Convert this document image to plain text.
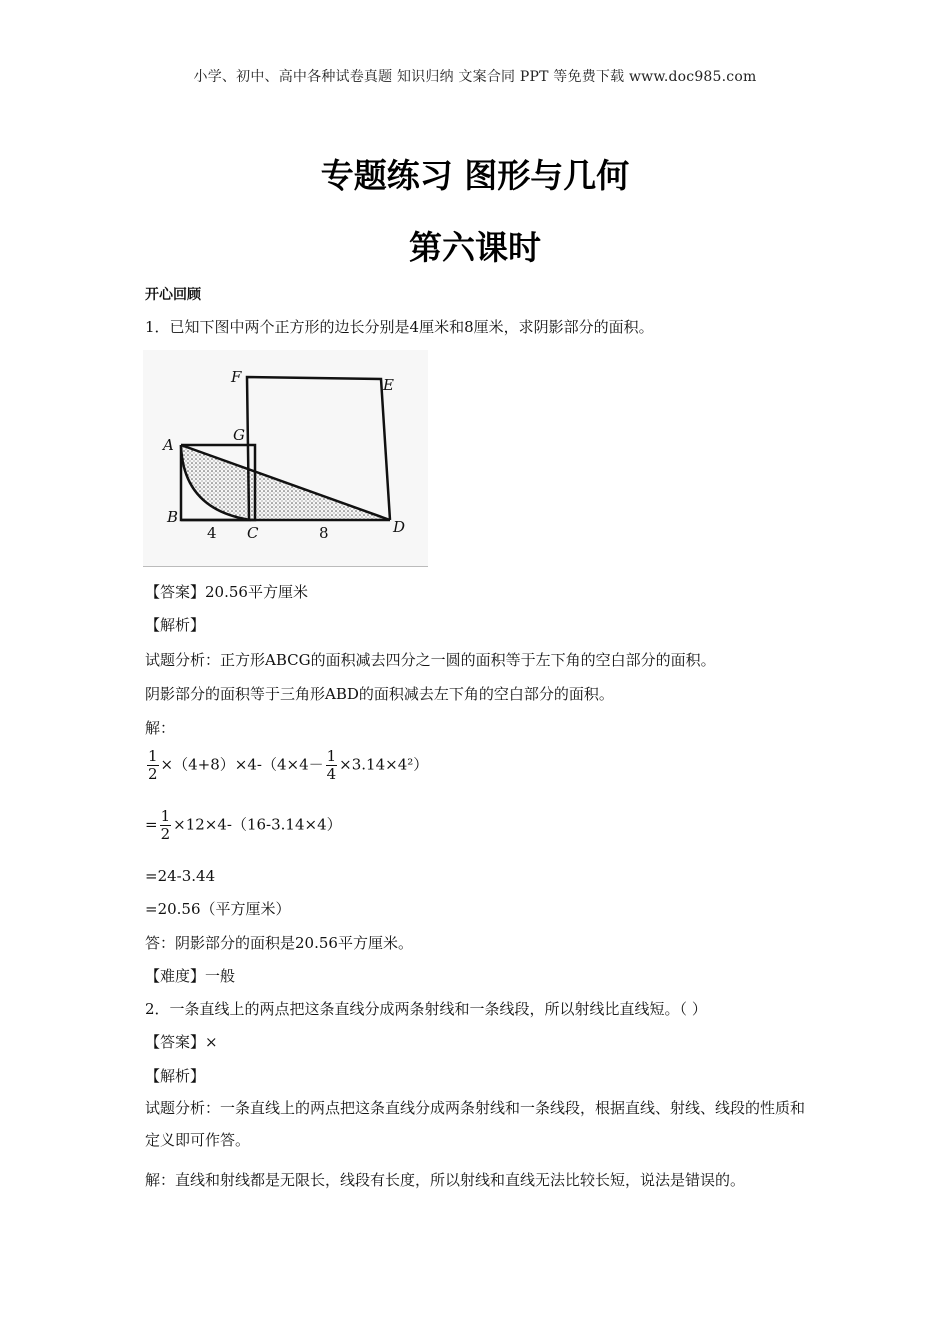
小学、初中、高中各种试卷真题 知识归纳 文案合同 PPT 等免费下载 www.doc985.com
专题练习 图形与几何
第六课时
开心回顾
1．已知下图中两个正方形的边长分别是4厘米和8厘米，求阴影部分的面积。
F	E
G
A
B
4 C	8	D
【答案】20.56平方厘米
【解析】
试题分析：正方形ABCG的面积减去四分之一圆的面积等于左下角的空白部分的面积。
阴影部分的面积等于三角形ABD的面积减去左下角的空白部分的面积。
解：
$\frac{1}{2} \times(4+8)\times 4-(4\times 4- \frac{1}{4} \times 3.14\times 4^2)$
= $\frac{1}{2} \times 12\times 4-(16-3.14\times 4)$
=24-3.44
=20.56（平方厘米）
答：阴影部分的面积是20.56平方厘米。
【难度】一般
2．一条直线上的两点把这条直线分成两条射线和一条线段，所以射线比直线短。（ ）
【答案】×
【解析】
试题分析：一条直线上的两点把这条直线分成两条射线和一条线段，根据直线、射线、线段的性质和定义即可作答。
解：直线和射线都是无限长，线段有长度，所以射线和直线无法比较长短，说法是错误的。
